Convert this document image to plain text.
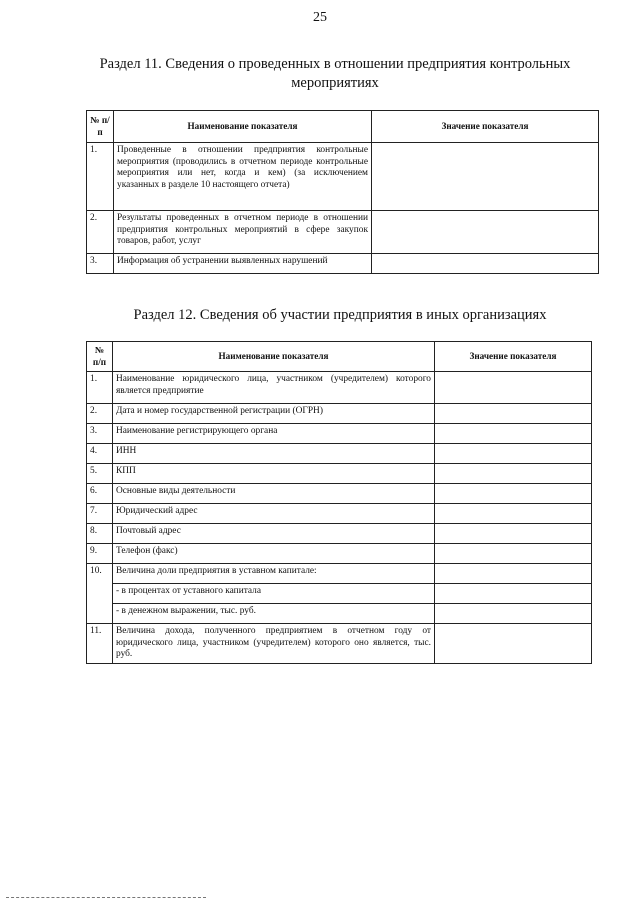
25
Раздел 11. Сведения о проведенных в отношении предприятия контрольных мероприятиях
№ п/п	Наименование показателя	Значение показателя
1.	Проведенные в отношении предприятия контрольные мероприятия (проводились в отчетном периоде контрольные мероприятия или нет, когда и кем) (за исключением указанных в разделе 10 настоящего отчета)	
2.	Результаты проведенных в отчетном периоде в отношении предприятия контрольных мероприятий в сфере закупок товаров, работ, услуг	
3.	Информация об устранении выявленных нарушений	
Раздел 12. Сведения об участии предприятия в иных организациях
№ п/п	Наименование показателя	Значение показателя
1.	Наименование юридического лица, участником (учредителем) которого является предприятие	
2.	Дата и номер государственной регистрации (ОГРН)	
3.	Наименование регистрирующего органа	
4.	ИНН	
5.	КПП	
6.	Основные виды деятельности	
7.	Юридический адрес	
8.	Почтовый адрес	
9.	Телефон (факс)	
10.	Величина доли предприятия в уставном капитале:	
	- в процентах от уставного капитала	
	- в денежном выражении, тыс. руб.	
11.	Величина дохода, полученного предприятием в отчетном году от юридического лица, участником (учредителем) которого оно является, тыс. руб.	
